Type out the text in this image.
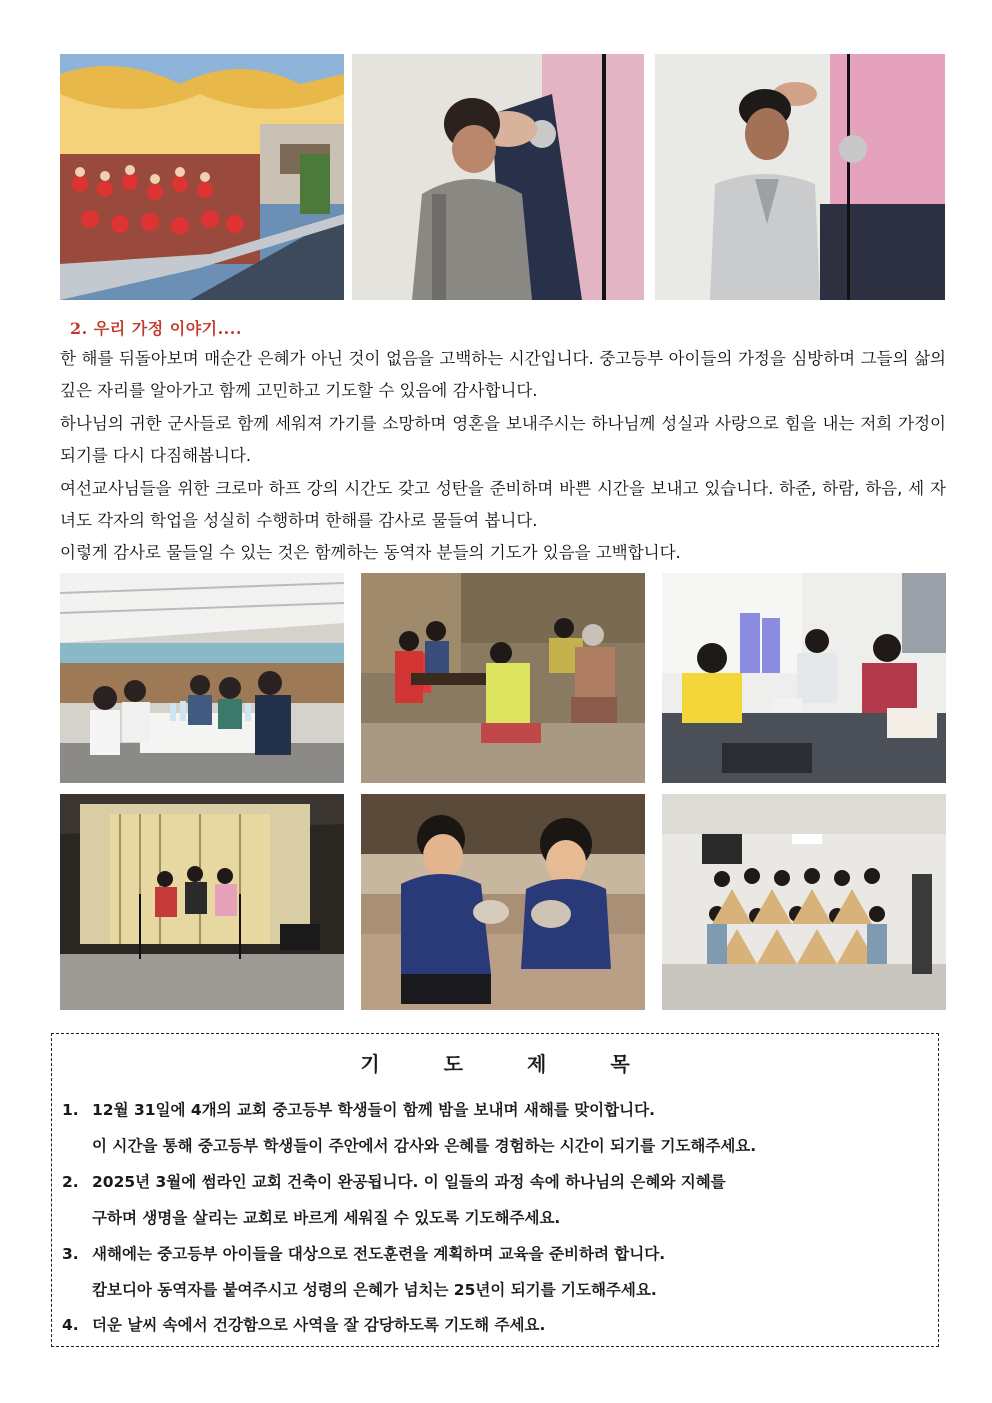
2. 우리 가정 이야기....

한 해를 뒤돌아보며 매순간 은혜가 아닌 것이 없음을 고백하는 시간입니다. 중고등부 아이들의 가정을 심방하며 그들의 삶의 깊은 자리를 알아가고 함께 고민하고 기도할 수 있음에 감사합니다.

하나님의 귀한 군사들로 함께 세워져 가기를 소망하며 영혼을 보내주시는 하나님께 성실과 사랑으로 힘을 내는 저희 가정이 되기를 다시 다짐해봅니다.

여선교사님들을 위한 크로마 하프 강의 시간도 갖고 성탄을 준비하며 바쁜 시간을 보내고 있습니다. 하준, 하람, 하음, 세 자녀도 각자의 학업을 성실히 수행하며 한해를 감사로 물들여 봅니다.

이렇게 감사로 물들일 수 있는 것은 함께하는 동역자 분들의 기도가 있음을 고백합니다.

기	도	제	목
1. 12월 31일에 4개의 교회 중고등부 학생들이 함께 밤을 보내며 새해를 맞이합니다.
이 시간을 통해 중고등부 학생들이 주안에서 감사와 은혜를 경험하는 시간이 되기를 기도해주세요.
2. 2025년 3월에 썸라인 교회 건축이 완공됩니다. 이 일들의 과정 속에 하나님의 은혜와 지혜를
구하며 생명을 살리는 교회로 바르게 세워질 수 있도록 기도해주세요.
3. 새해에는 중고등부 아이들을 대상으로 전도훈련을 계획하며 교육을 준비하려 합니다.
캄보디아 동역자를 붙여주시고 성령의 은혜가 넘치는 25년이 되기를 기도해주세요.
4. 더운 날씨 속에서 건강함으로 사역을 잘 감당하도록 기도해 주세요.
